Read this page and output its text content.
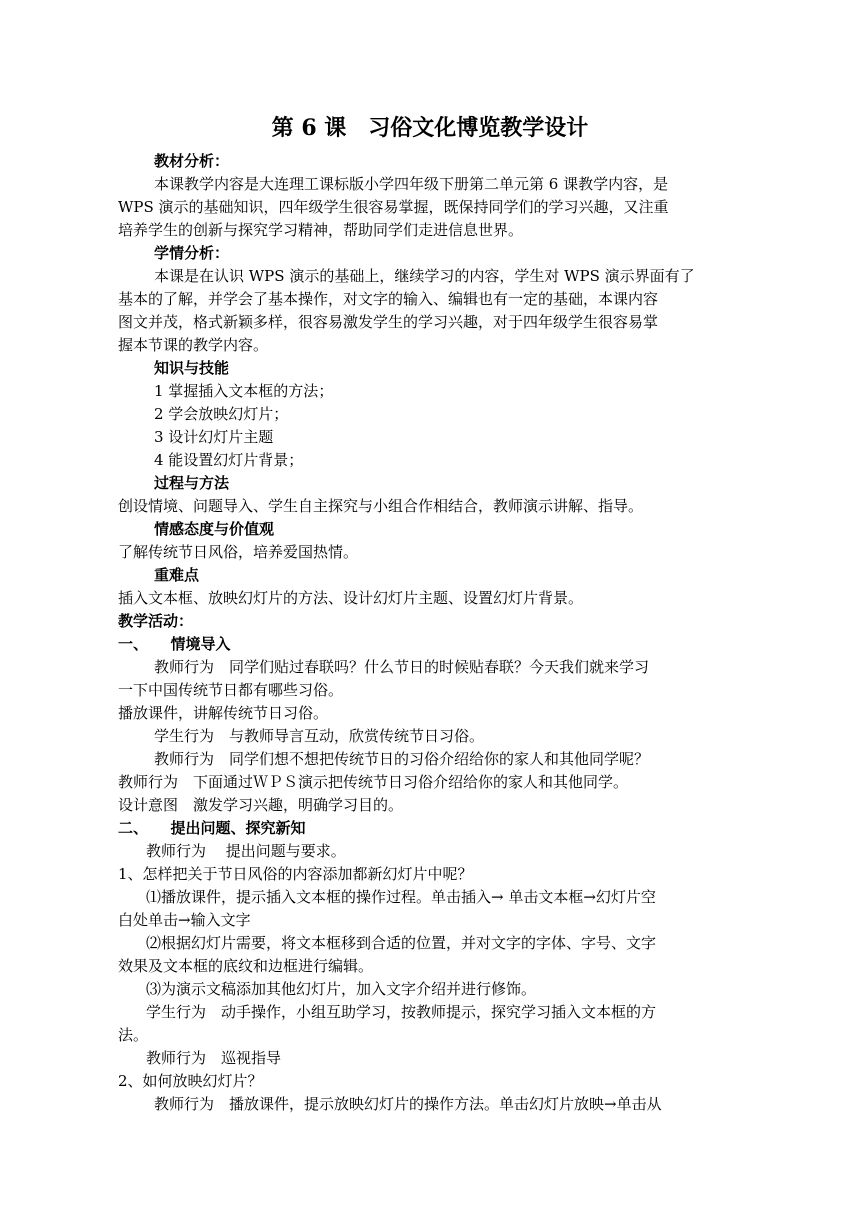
第 6 课　习俗文化博览教学设计
教材分析：
本课教学内容是大连理工课标版小学四年级下册第二单元第 6 课教学内容，是
WPS 演示的基础知识，四年级学生很容易掌握，既保持同学们的学习兴趣，又注重
培养学生的创新与探究学习精神，帮助同学们走进信息世界。
学情分析：
本课是在认识 WPS 演示的基础上，继续学习的内容，学生对 WPS 演示界面有了
基本的了解，并学会了基本操作，对文字的输入、编辑也有一定的基础，本课内容
图文并茂，格式新颖多样，很容易激发学生的学习兴趣，对于四年级学生很容易掌
握本节课的教学内容。
知识与技能
1 掌握插入文本框的方法；
2 学会放映幻灯片；
3 设计幻灯片主题
4 能设置幻灯片背景；
过程与方法
创设情境、问题导入、学生自主探究与小组合作相结合，教师演示讲解、指导。
情感态度与价值观
了解传统节日风俗，培养爱国热情。
重难点
插入文本框、放映幻灯片的方法、设计幻灯片主题、设置幻灯片背景。
教学活动：
一、　　情境导入
教师行为　同学们贴过春联吗？什么节日的时候贴春联？今天我们就来学习
一下中国传统节日都有哪些习俗。
播放课件，讲解传统节日习俗。
学生行为　与教师导言互动，欣赏传统节日习俗。
教师行为　同学们想不想把传统节日的习俗介绍给你的家人和其他同学呢？
教师行为　下面通过ＷＰＳ演示把传统节日习俗介绍给你的家人和其他同学。
设计意图　激发学习兴趣，明确学习目的。
二、　　提出问题、探究新知
教师行为　 提出问题与要求。
1、怎样把关于节日风俗的内容添加都新幻灯片中呢？
⑴播放课件，提示插入文本框的操作过程。单击插入→ 单击文本框→幻灯片空
白处单击→输入文字
⑵根据幻灯片需要，将文本框移到合适的位置，并对文字的字体、字号、文字
效果及文本框的底纹和边框进行编辑。
⑶为演示文稿添加其他幻灯片，加入文字介绍并进行修饰。
学生行为　动手操作，小组互助学习，按教师提示，探究学习插入文本框的方
法。
教师行为　巡视指导
2、如何放映幻灯片？
教师行为　播放课件，提示放映幻灯片的操作方法。单击幻灯片放映→单击从
